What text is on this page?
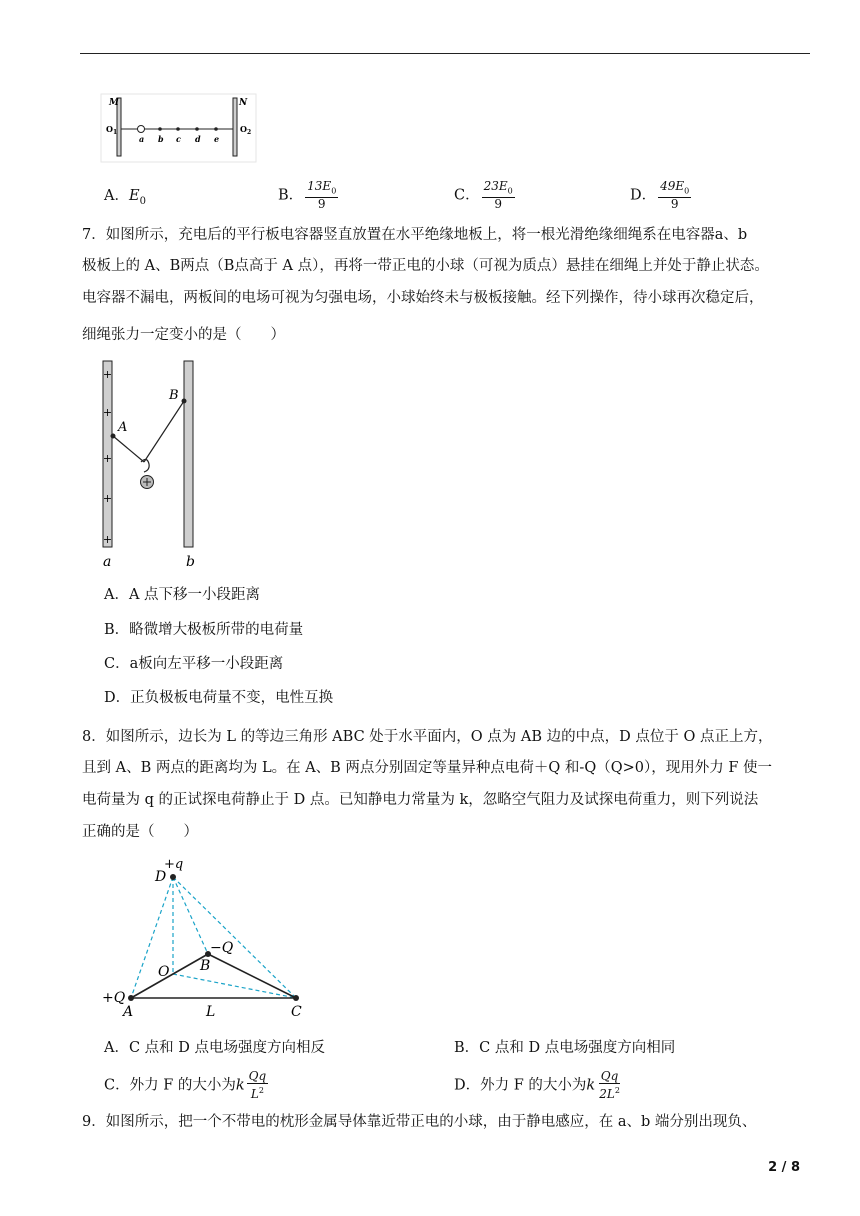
M	N
$O_1$	$O_2$
a b c d e
A．$E_0$	B． $\frac{13E_0}{9}$	C． $\frac{23E_0}{9}$	D． $\frac{49E_0}{9}$
7．如图所示，充电后的平行板电容器竖直放置在水平绝缘地板上，将一根光滑绝缘细绳系在电容器a、b
极板上的 A、B两点（B点高于 A 点），再将一带正电的小球（可视为质点）悬挂在细绳上并处于静止状态。
电容器不漏电，两板间的电场可视为匀强电场，小球始终未与极板接触。经下列操作，待小球再次稳定后，
细绳张力一定变小的是（　　）
+
+
+
+
+
A
B
a	b
A．A 点下移一小段距离
B．略微增大极板所带的电荷量
C．a板向左平移一小段距离
D．正负极板电荷量不变，电性互换
8．如图所示，边长为 L 的等边三角形 ABC 处于水平面内，O 点为 AB 边的中点，D 点位于 O 点正上方，
且到 A、B 两点的距离均为 L。在 A、B 两点分别固定等量异种点电荷＋Q 和-Q（Q>0），现用外力 F 使一
电荷量为 q 的正试探电荷静止于 D 点。已知静电力常量为 k，忽略空气阻力及试探电荷重力，则下列说法
正确的是（　　）
D
+q
B
−Q
O
+Q
A	L	C
A．C 点和 D 点电场强度方向相反	B．C 点和 D 点电场强度方向相同
C．外力 F 的大小为k $\frac{Qq}{L^2}$	D．外力 F 的大小为k $\frac{Qq}{2L^2}$
9．如图所示，把一个不带电的枕形金属导体靠近带正电的小球，由于静电感应，在 a、b 端分别出现负、
2 / 8
